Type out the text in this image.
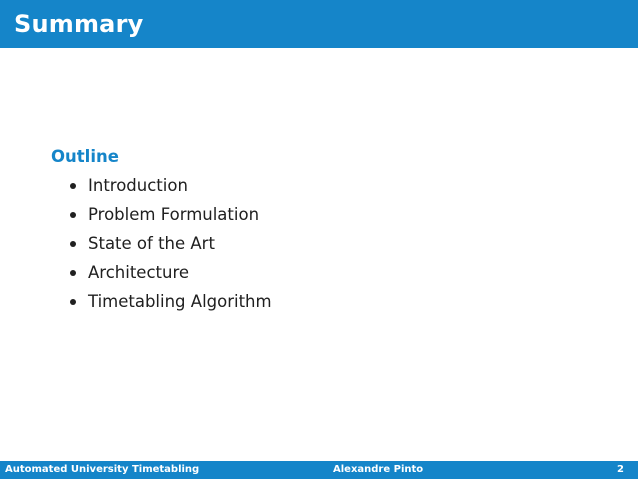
Summary
Outline
Introduction
Problem Formulation
State of the Art
Architecture
Timetabling Algorithm
Automated University Timetabling	Alexandre Pinto	2
